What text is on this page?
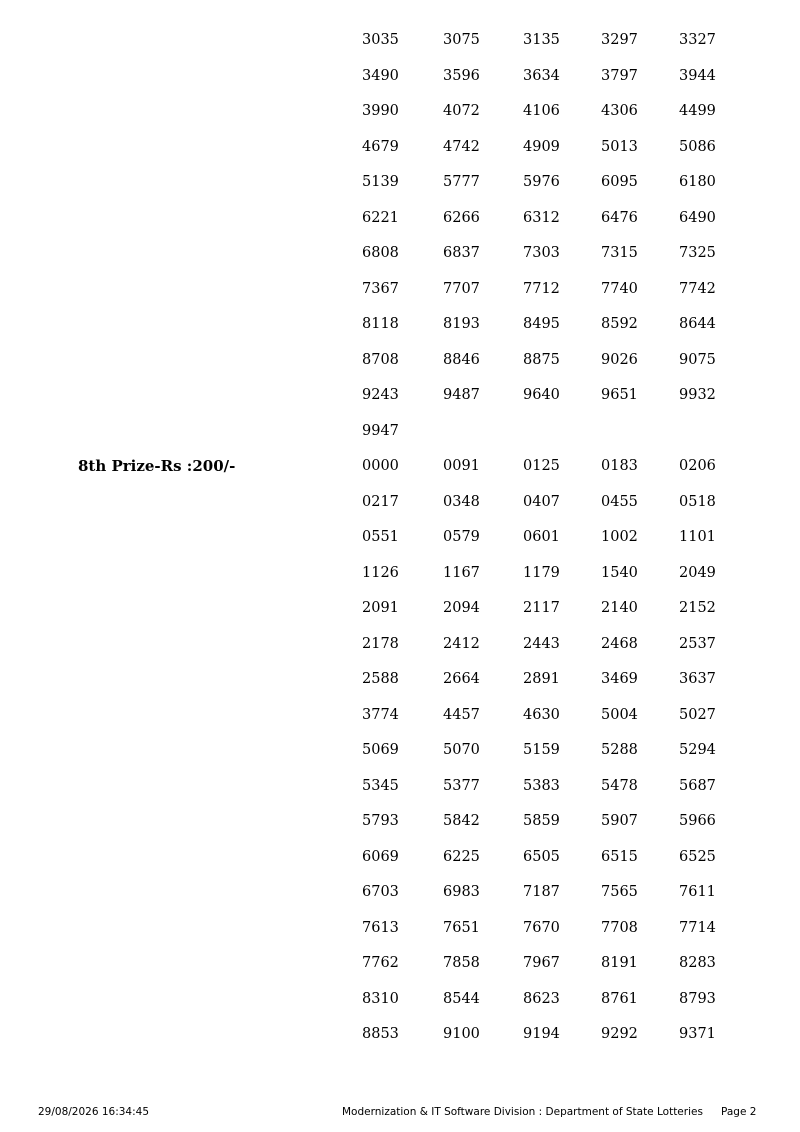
3035	3075	3135	3297	3327
3490	3596	3634	3797	3944
3990	4072	4106	4306	4499
4679	4742	4909	5013	5086
5139	5777	5976	6095	6180
6221	6266	6312	6476	6490
6808	6837	7303	7315	7325
7367	7707	7712	7740	7742
8118	8193	8495	8592	8644
8708	8846	8875	9026	9075
9243	9487	9640	9651	9932
9947
8th Prize-Rs :200/-	0000	0091	0125	0183	0206
0217	0348	0407	0455	0518
0551	0579	0601	1002	1101
1126	1167	1179	1540	2049
2091	2094	2117	2140	2152
2178	2412	2443	2468	2537
2588	2664	2891	3469	3637
3774	4457	4630	5004	5027
5069	5070	5159	5288	5294
5345	5377	5383	5478	5687
5793	5842	5859	5907	5966
6069	6225	6505	6515	6525
6703	6983	7187	7565	7611
7613	7651	7670	7708	7714
7762	7858	7967	8191	8283
8310	8544	8623	8761	8793
8853	9100	9194	9292	9371
29/08/2026 16:34:45	Modernization & IT Software Division : Department of State Lotteries Page 2
